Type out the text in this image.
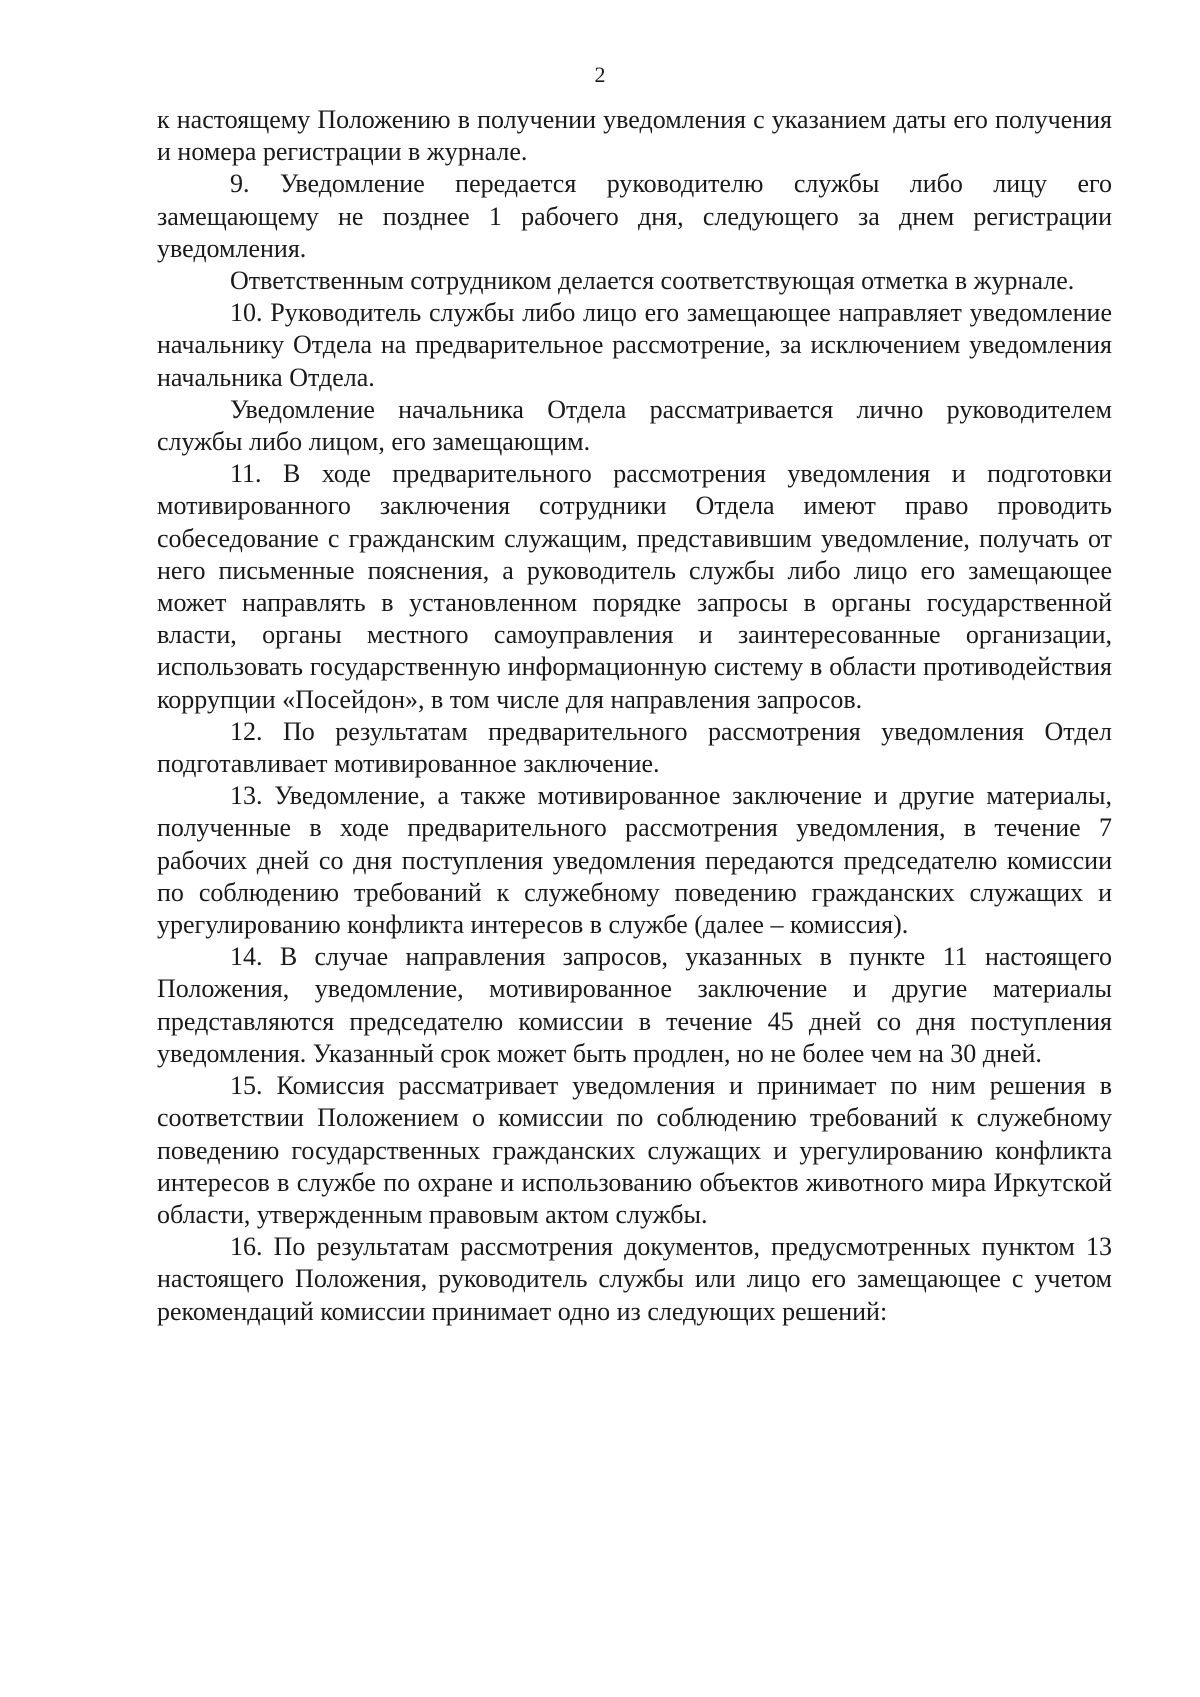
2

к настоящему Положению в получении уведомления с указанием даты его получения и номера регистрации в журнале.

9. Уведомление передается руководителю службы либо лицу его замещающему не позднее 1 рабочего дня, следующего за днем регистрации уведомления.

Ответственным сотрудником делается соответствующая отметка в журнале.

10. Руководитель службы либо лицо его замещающее направляет уведомление начальнику Отдела на предварительное рассмотрение, за исключением уведомления начальника Отдела.

Уведомление начальника Отдела рассматривается лично руководителем службы либо лицом, его замещающим.

11. В ходе предварительного рассмотрения уведомления и подготовки мотивированного заключения сотрудники Отдела имеют право проводить собеседование с гражданским служащим, представившим уведомление, получать от него письменные пояснения, а руководитель службы либо лицо его замещающее может направлять в установленном порядке запросы в органы государственной власти, органы местного самоуправления и заинтересованные организации, использовать государственную информационную систему в области противодействия коррупции «Посейдон», в том числе для направления запросов.

12. По результатам предварительного рассмотрения уведомления Отдел подготавливает мотивированное заключение.

13. Уведомление, а также мотивированное заключение и другие материалы, полученные в ходе предварительного рассмотрения уведомления, в течение 7 рабочих дней со дня поступления уведомления передаются председателю комиссии по соблюдению требований к служебному поведению гражданских служащих и урегулированию конфликта интересов в службе (далее – комиссия).

14. В случае направления запросов, указанных в пункте 11 настоящего Положения, уведомление, мотивированное заключение и другие материалы представляются председателю комиссии в течение 45 дней со дня поступления уведомления. Указанный срок может быть продлен, но не более чем на 30 дней.

15. Комиссия рассматривает уведомления и принимает по ним решения в соответствии Положением о комиссии по соблюдению требований к служебному поведению государственных гражданских служащих и урегулированию конфликта интересов в службе по охране и использованию объектов животного мира Иркутской области, утвержденным правовым актом службы.

16. По результатам рассмотрения документов, предусмотренных пунктом 13 настоящего Положения, руководитель службы или лицо его замещающее с учетом рекомендаций комиссии принимает одно из следующих решений:
